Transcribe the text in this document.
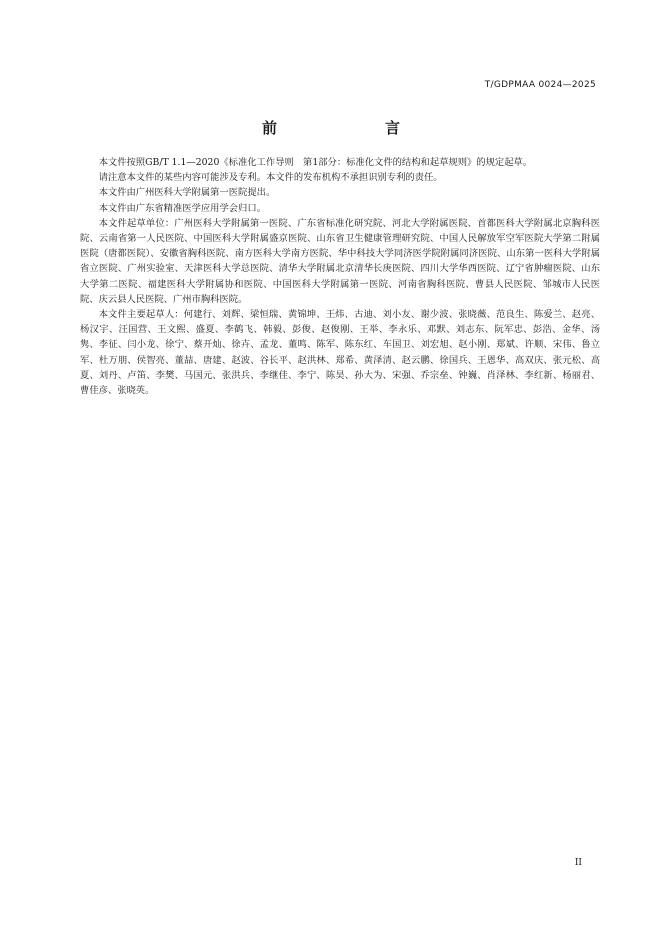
T/GDPMAA 0024—2025
前　　言

本文件按照GB/T 1.1—2020《标准化工作导则　第1部分：标准化文件的结构和起草规则》的规定起草。

请注意本文件的某些内容可能涉及专利。本文件的发布机构不承担识别专利的责任。

本文件由广州医科大学附属第一医院提出。

本文件由广东省精准医学应用学会归口。

本文件起草单位：广州医科大学附属第一医院、广东省标准化研究院、河北大学附属医院、首都医科大学附属北京胸科医院、云南省第一人民医院、中国医科大学附属盛京医院、山东省卫生健康管理研究院、中国人民解放军空军医院大学第二附属医院（唐都医院）、安徽省胸科医院、南方医科大学南方医院、华中科技大学同济医学院附属同济医院、山东第一医科大学附属省立医院、广州实验室、天津医科大学总医院、清华大学附属北京清华长庚医院、四川大学华西医院、辽宁省肿瘤医院、山东大学第二医院、福建医科大学附属协和医院、中国医科大学附属第一医院、河南省胸科医院、曹县人民医院、邹城市人民医院、庆云县人民医院、广州市胸科医院。

本文件主要起草人：何建行、刘辉、梁恒瑞、黄锦坤、王炜、古迪、刘小友、谢少波、张晓薇、范良生、陈爱兰、赵亮、杨汉宇、汪国营、王文熙、盛夏、李鹤飞、韩毅、彭俊、赵俊刚、王举、李永乐、邓默、刘志东、阮军忠、彭浩、金华、汤隽、李征、闫小龙、徐宁、蔡开灿、徐卉、孟龙、董鸣、陈军、陈东红、车国卫、刘宏旭、赵小刚、郑斌、许顺、宋伟、鲁立军、杜万朋、侯智亮、董喆、唐建、赵波、谷长平、赵洪林、郑希、黄泽清、赵云鹏、徐国兵、王恩华、高双庆、张元松、高夏、刘丹、卢笛、李樊、马国元、张洪兵、李继佳、李宁、陈昊、孙大为、宋强、乔宗垒、钟巍、肖泽林、李红新、杨丽君、曹佳彦、张晓英。

II
